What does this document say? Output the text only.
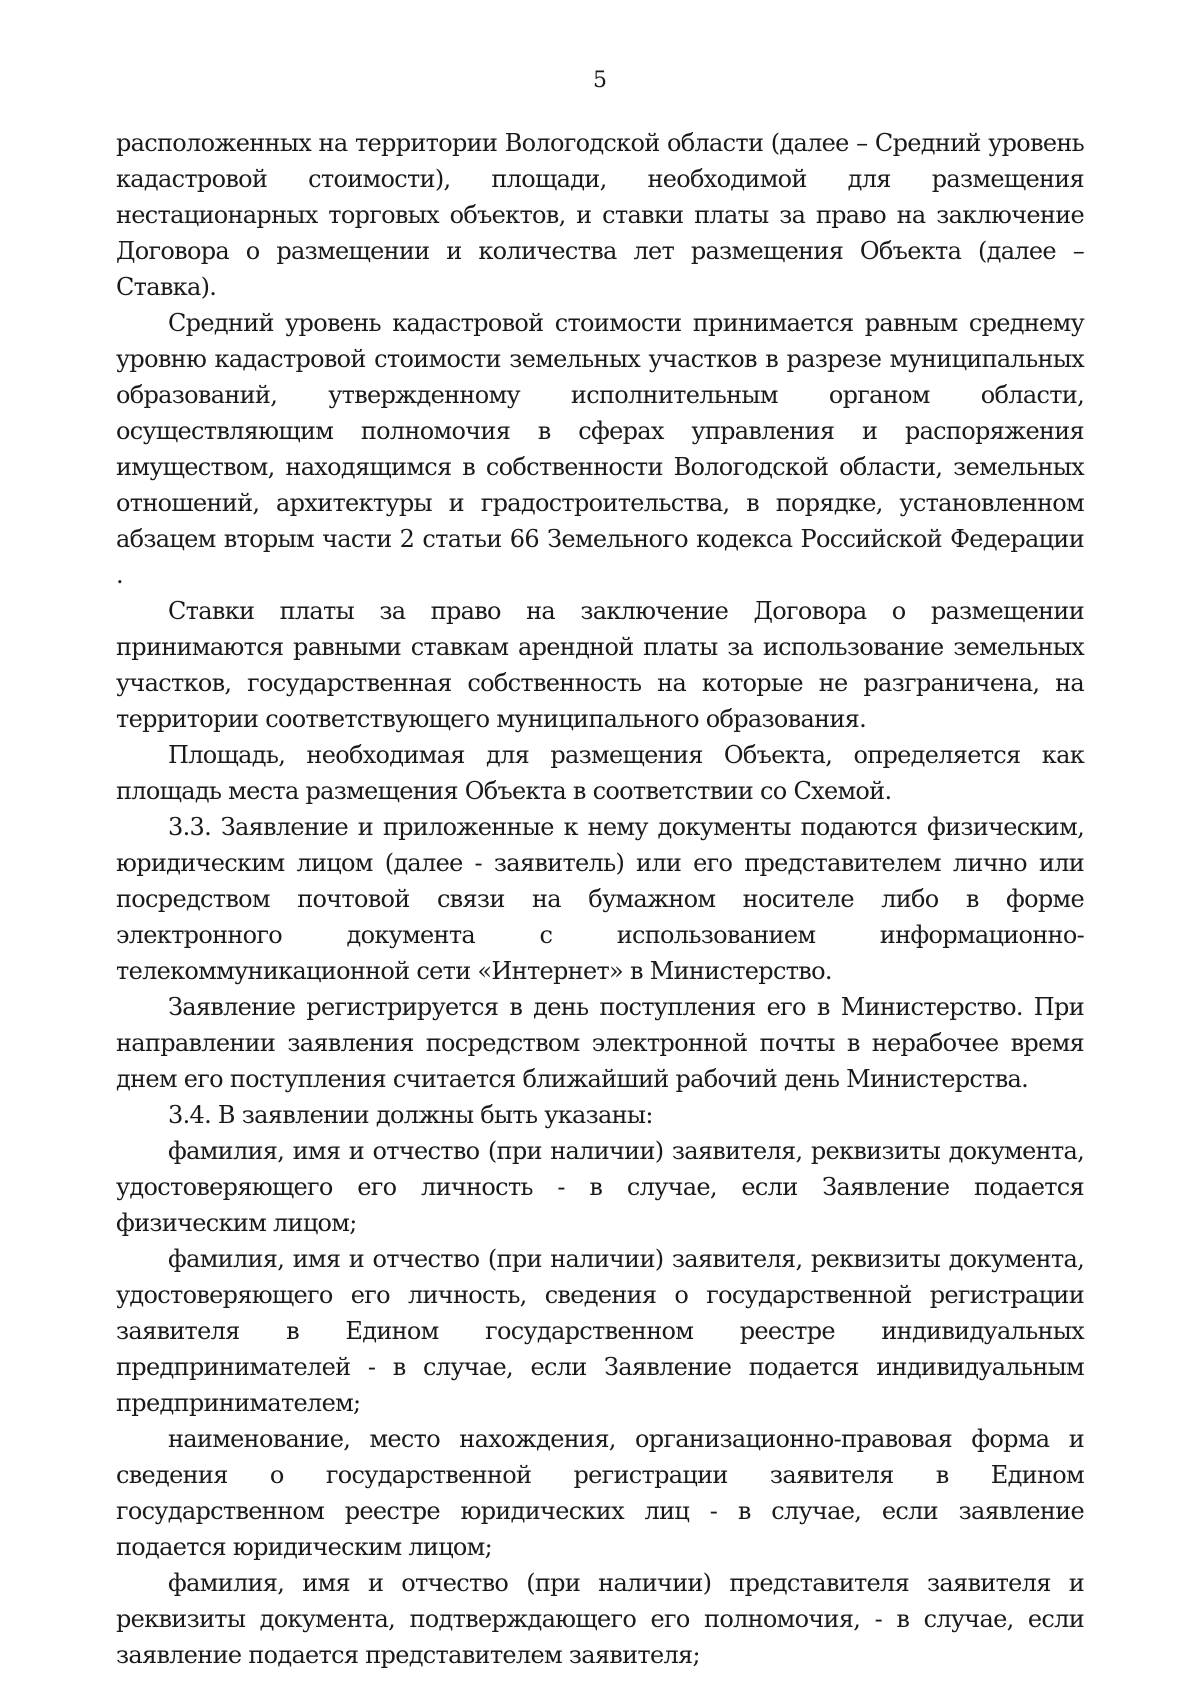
5

расположенных на территории Вологодской области (далее – Средний уровень кадастровой стоимости), площади, необходимой для размещения нестационарных торговых объектов, и ставки платы за право на заключение Договора о размещении и количества лет размещения Объекта (далее – Ставка).

Средний уровень кадастровой стоимости принимается равным среднему уровню кадастровой стоимости земельных участков в разрезе муниципальных образований, утвержденному исполнительным органом области, осуществляющим полномочия в сферах управления и распоряжения имуществом, находящимся в собственности Вологодской области, земельных отношений, архитектуры и градостроительства, в порядке, установленном абзацем вторым части 2 статьи 66 Земельного кодекса Российской Федерации .

Ставки платы за право на заключение Договора о размещении принимаются равными ставкам арендной платы за использование земельных участков, государственная собственность на которые не разграничена, на территории соответствующего муниципального образования.

Площадь, необходимая для размещения Объекта, определяется как площадь места размещения Объекта в соответствии со Схемой.

3.3. Заявление и приложенные к нему документы подаются физическим, юридическим лицом (далее - заявитель) или его представителем лично или посредством почтовой связи на бумажном носителе либо в форме электронного документа с использованием информационно-телекоммуникационной сети «Интернет» в Министерство.

Заявление регистрируется в день поступления его в Министерство. При направлении заявления посредством электронной почты в нерабочее время днем его поступления считается ближайший рабочий день Министерства.

3.4. В заявлении должны быть указаны:

фамилия, имя и отчество (при наличии) заявителя, реквизиты документа, удостоверяющего его личность - в случае, если Заявление подается физическим лицом;

фамилия, имя и отчество (при наличии) заявителя, реквизиты документа, удостоверяющего его личность, сведения о государственной регистрации заявителя в Едином государственном реестре индивидуальных предпринимателей - в случае, если Заявление подается индивидуальным предпринимателем;

наименование, место нахождения, организационно-правовая форма и сведения о государственной регистрации заявителя в Едином государственном реестре юридических лиц - в случае, если заявление подается юридическим лицом;

фамилия, имя и отчество (при наличии) представителя заявителя и реквизиты документа, подтверждающего его полномочия, - в случае, если заявление подается представителем заявителя;
